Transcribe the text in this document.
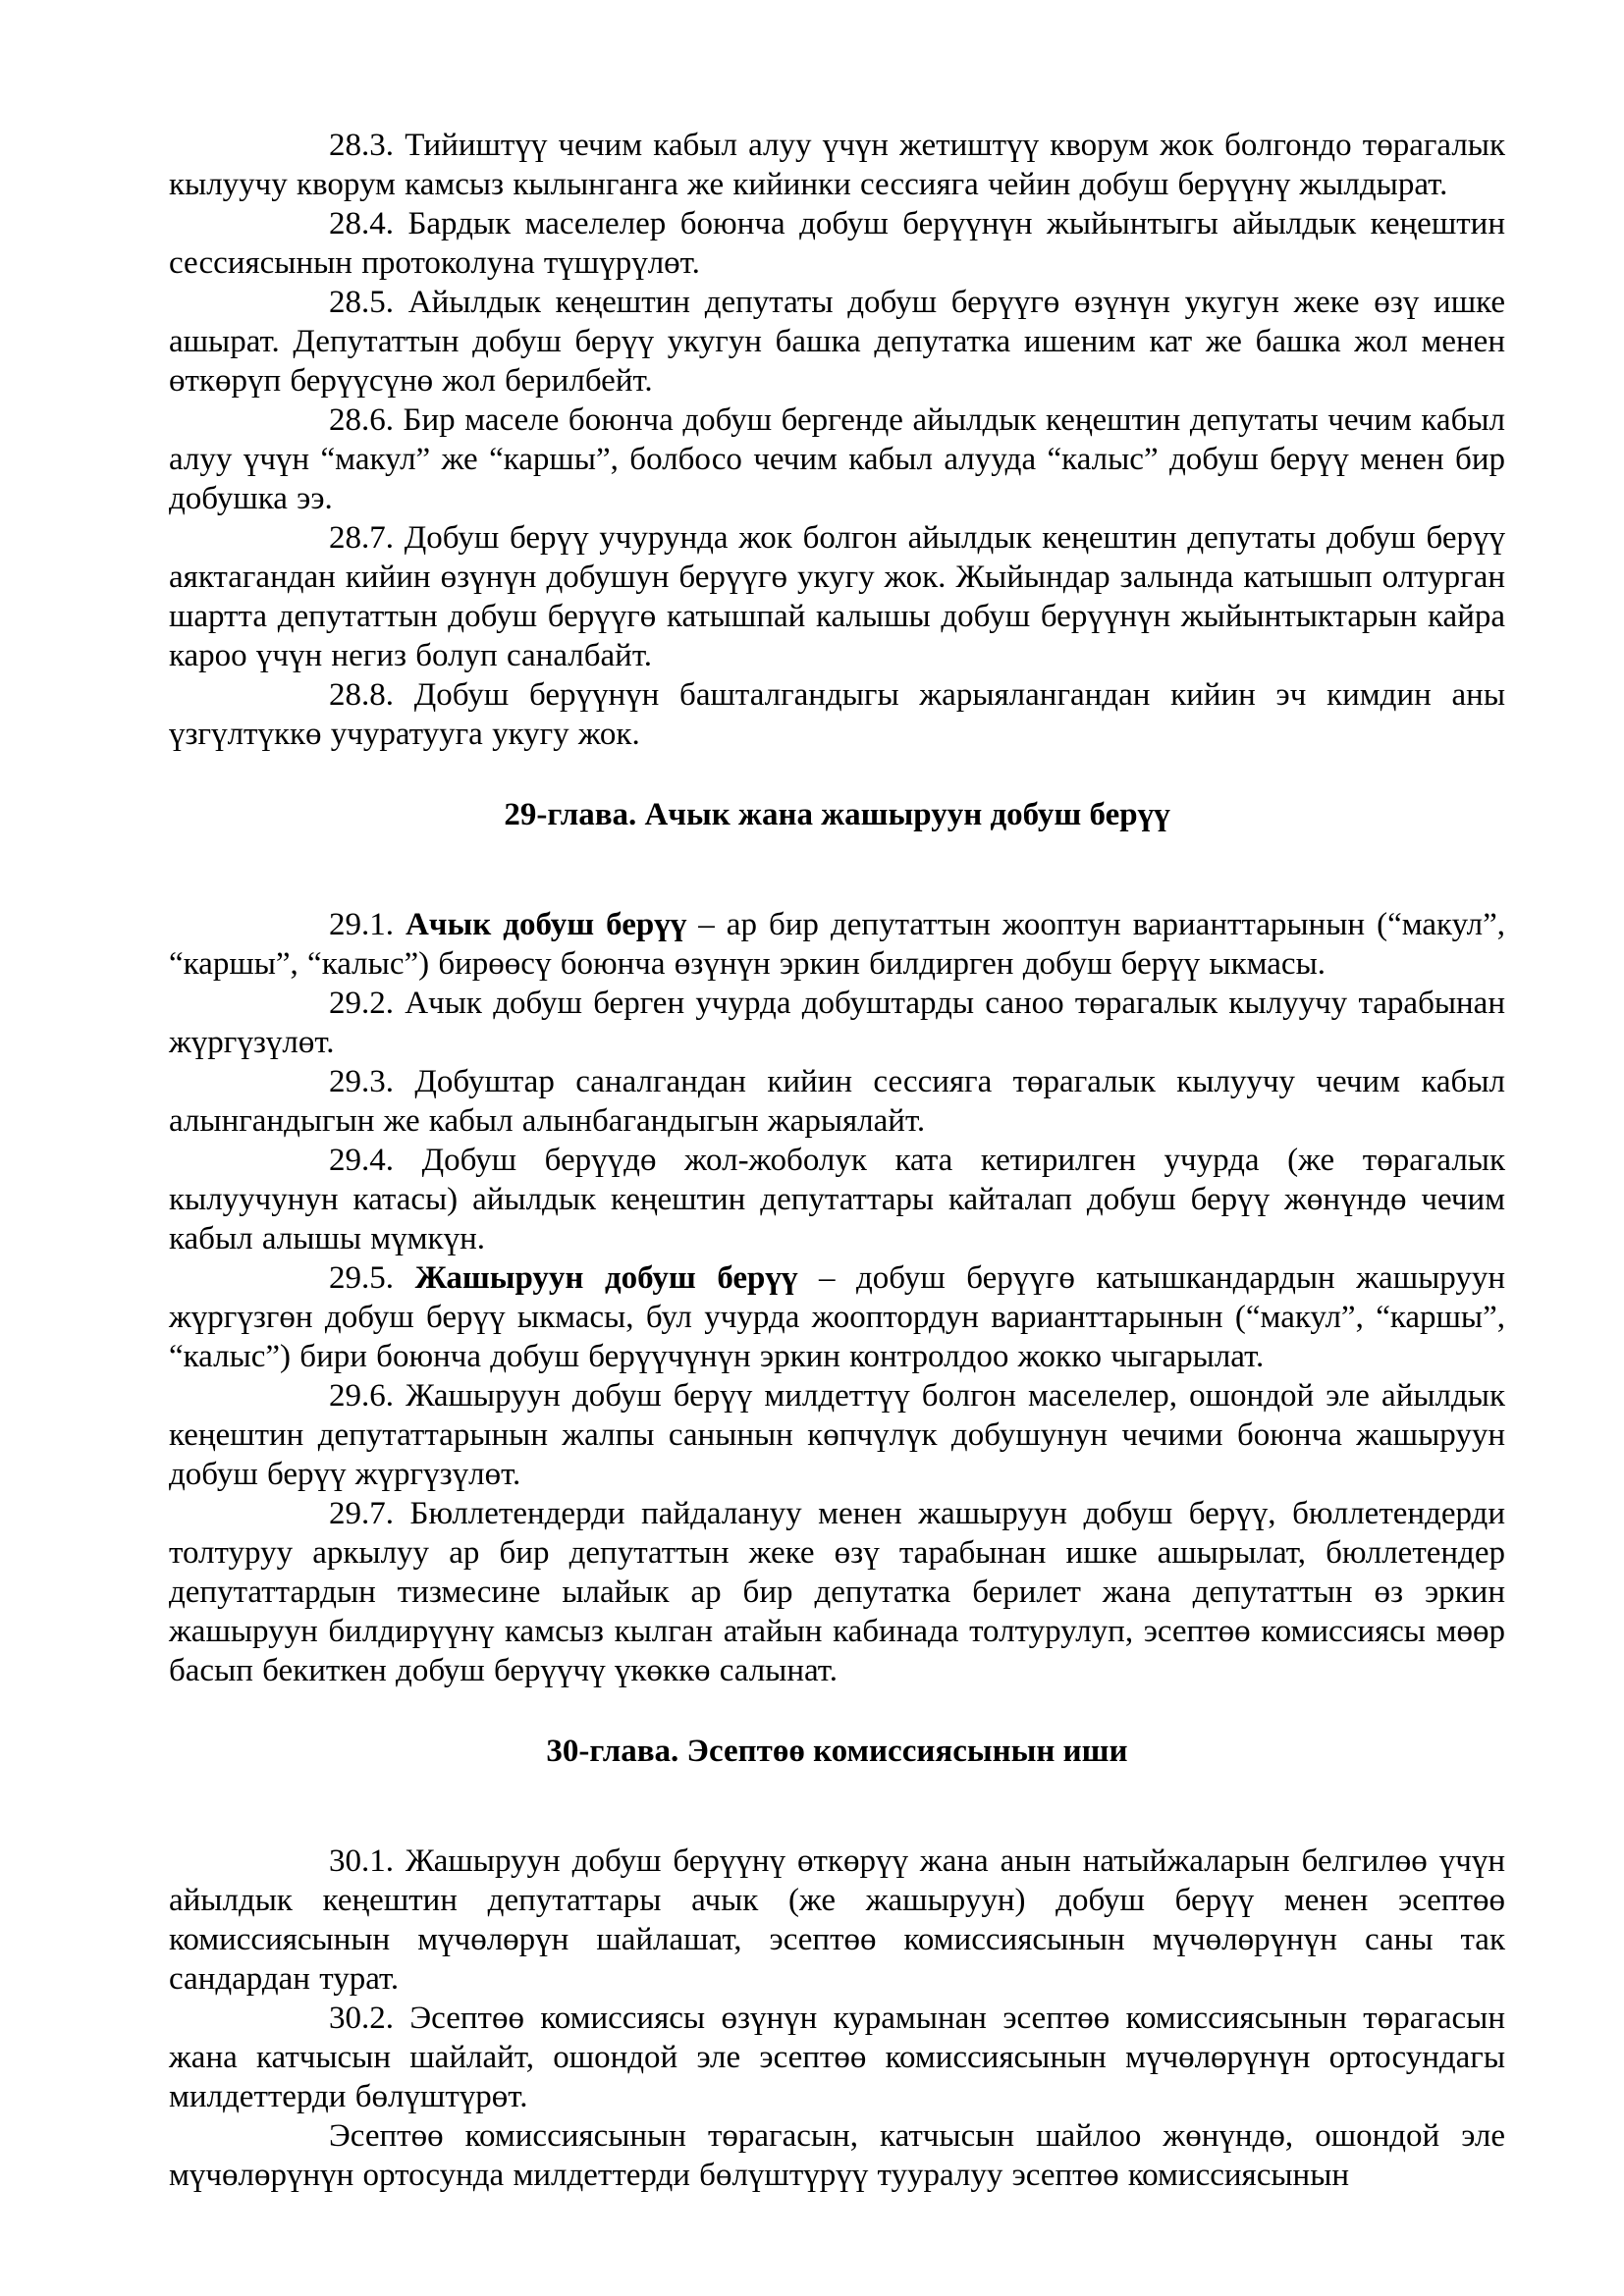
28.3. Тийиштүү чечим кабыл алуу үчүн жетиштүү кворум жок болгондо төрагалык кылуучу кворум камсыз кылынганга же кийинки сессияга чейин добуш берүүнү жылдырат.

28.4. Бардык маселелер боюнча добуш берүүнүн жыйынтыгы айылдык кеңештин сессиясынын протоколуна түшүрүлөт.

28.5. Айылдык кеңештин депутаты добуш берүүгө өзүнүн укугун жеке өзү ишке ашырат. Депутаттын добуш берүү укугун башка депутатка ишеним кат же башка жол менен өткөрүп берүүсүнө жол берилбейт.

28.6. Бир маселе боюнча добуш бергенде айылдык кеңештин депутаты чечим кабыл алуу үчүн “макул” же “каршы”, болбосо чечим кабыл алууда “калыс” добуш берүү менен бир добушка ээ.

28.7. Добуш берүү учурунда жок болгон айылдык кеңештин депутаты добуш берүү аяктагандан кийин өзүнүн добушун берүүгө укугу жок. Жыйындар залында катышып олтурган шартта депутаттын добуш берүүгө катышпай калышы добуш берүүнүн жыйынтыктарын кайра кароо үчүн негиз болуп саналбайт.

28.8. Добуш берүүнүн башталгандыгы жарыялангандан кийин эч кимдин аны үзгүлтүккө учуратууга укугу жок.

29-глава. Ачык жана жашыруун добуш берүү

29.1. Ачык добуш берүү – ар бир депутаттын жооптун варианттарынын (“макул”, “каршы”, “калыс”) бирөөсү боюнча өзүнүн эркин билдирген добуш берүү ыкмасы.

29.2. Ачык добуш берген учурда добуштарды саноо төрагалык кылуучу тарабынан жүргүзүлөт.

29.3. Добуштар саналгандан кийин сессияга төрагалык кылуучу чечим кабыл алынгандыгын же кабыл алынбагандыгын жарыялайт.

29.4. Добуш берүүдө жол-жоболук ката кетирилген учурда (же төрагалык кылуучунун катасы) айылдык кеңештин депутаттары кайталап добуш берүү жөнүндө чечим кабыл алышы мүмкүн.

29.5. Жашыруун добуш берүү – добуш берүүгө катышкандардын жашыруун жүргүзгөн добуш берүү ыкмасы, бул учурда жооптордун варианттарынын (“макул”, “каршы”, “калыс”) бири боюнча добуш берүүчүнүн эркин контролдоо жокко чыгарылат.

29.6. Жашыруун добуш берүү милдеттүү болгон маселелер, ошондой эле айылдык кеңештин депутаттарынын жалпы санынын көпчүлүк добушунун чечими боюнча жашыруун добуш берүү жүргүзүлөт.

29.7. Бюллетендерди пайдалануу менен жашыруун добуш берүү, бюллетендерди толтуруу аркылуу ар бир депутаттын жеке өзү тарабынан ишке ашырылат, бюллетендер депутаттардын тизмесине ылайык ар бир депутатка берилет жана депутаттын өз эркин жашыруун билдирүүнү камсыз кылган атайын кабинада толтурулуп, эсептөө комиссиясы мөөр басып бекиткен добуш берүүчү үкөккө салынат.

30-глава. Эсептөө комиссиясынын иши

30.1. Жашыруун добуш берүүнү өткөрүү жана анын натыйжаларын белгилөө үчүн айылдык кеңештин депутаттары ачык (же жашыруун) добуш берүү менен эсептөө комиссиясынын мүчөлөрүн шайлашат, эсептөө комиссиясынын мүчөлөрүнүн саны так сандардан турат.

30.2. Эсептөө комиссиясы өзүнүн курамынан эсептөө комиссиясынын төрагасын жана катчысын шайлайт, ошондой эле эсептөө комиссиясынын мүчөлөрүнүн ортосундагы милдеттерди бөлүштүрөт.

Эсептөө комиссиясынын төрагасын, катчысын шайлоо жөнүндө, ошондой эле мүчөлөрүнүн ортосунда милдеттерди бөлүштүрүү тууралуу эсептөө комиссиясынын
